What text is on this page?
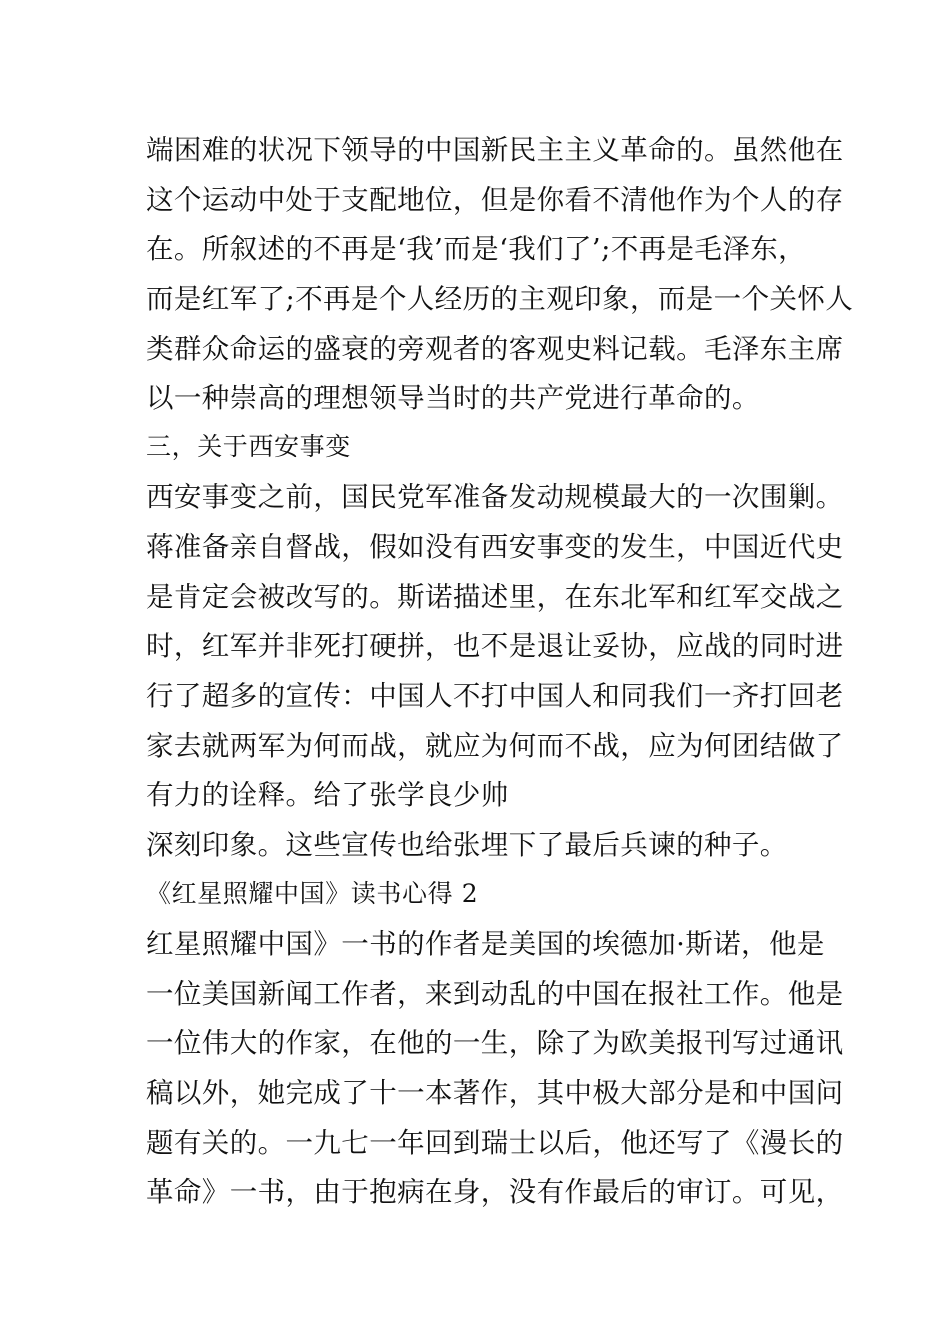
端困难的状况下领导的中国新民主主义革命的。虽然他在
这个运动中处于支配地位，但是你看不清他作为个人的存
在。所叙述的不再是‘我’而是‘我们了’;不再是毛泽东，
而是红军了;不再是个人经历的主观印象，而是一个关怀人
类群众命运的盛衰的旁观者的客观史料记载。毛泽东主席
以一种崇高的理想领导当时的共产党进行革命的。
三，关于西安事变
西安事变之前，国民党军准备发动规模最大的一次围剿。
蒋准备亲自督战，假如没有西安事变的发生，中国近代史
是肯定会被改写的。斯诺描述里，在东北军和红军交战之
时，红军并非死打硬拼，也不是退让妥协，应战的同时进
行了超多的宣传：中国人不打中国人和同我们一齐打回老
家去就两军为何而战，就应为何而不战，应为何团结做了
有力的诠释。给了张学良少帅
深刻印象。这些宣传也给张埋下了最后兵谏的种子。
《红星照耀中国》读书心得 2
红星照耀中国》一书的作者是美国的埃德加·斯诺，他是
一位美国新闻工作者，来到动乱的中国在报社工作。他是
一位伟大的作家，在他的一生，除了为欧美报刊写过通讯
稿以外，她完成了十一本著作，其中极大部分是和中国问
题有关的。一九七一年回到瑞士以后，他还写了《漫长的
革命》一书，由于抱病在身，没有作最后的审订。可见，
